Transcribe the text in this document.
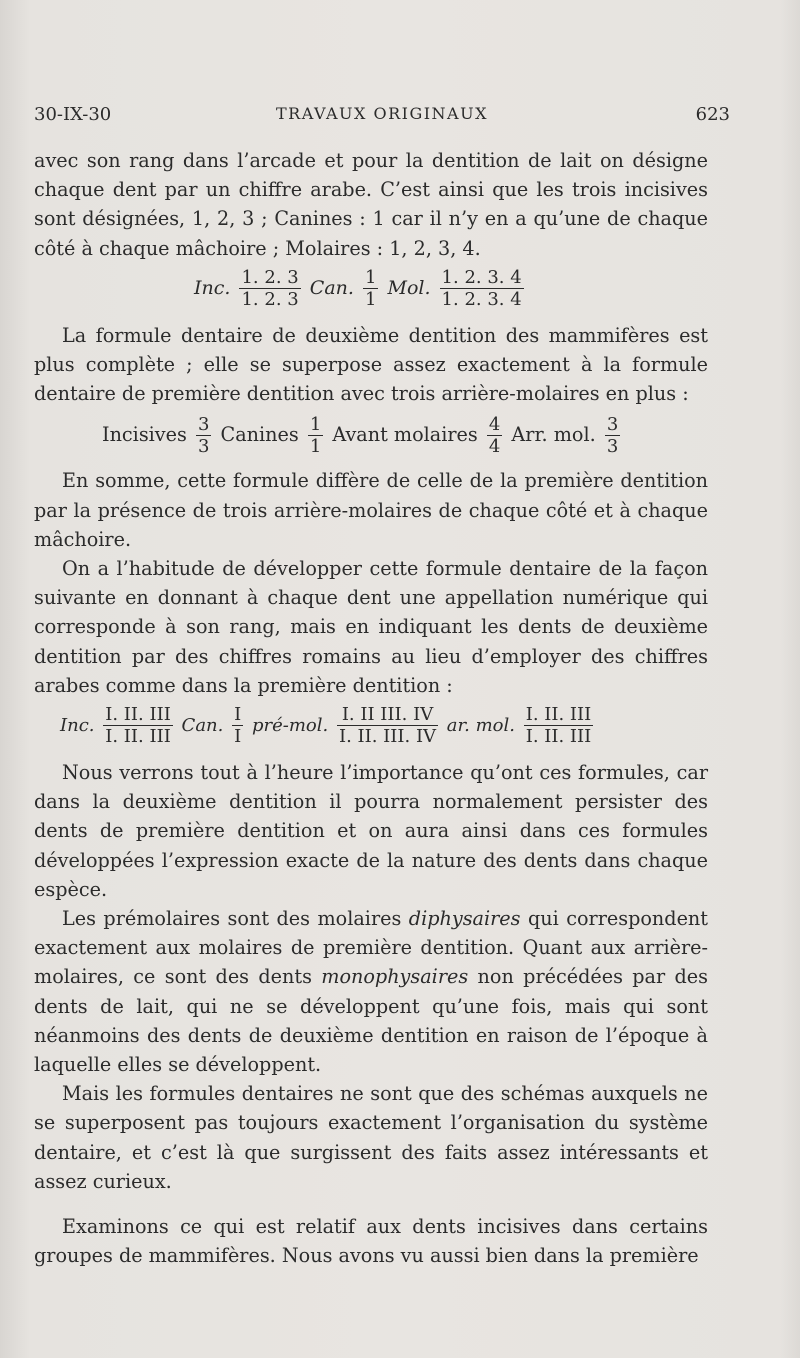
30-IX-30	TRAVAUX ORIGINAUX	623

avec son rang dans l’arcade et pour la dentition de lait on désigne chaque dent par un chiffre arabe. C’est ainsi que les trois incisives sont désignées, 1, 2, 3 ; Canines : 1 car il n’y en a qu’une de chaque côté à chaque mâchoire ; Molaires : 1, 2, 3, 4.

Inc. $\frac{1. 2. 3}{1. 2. 3}$ Can. $\frac{1}{1}$ Mol. $\frac{1. 2. 3. 4}{1. 2. 3. 4}$

La formule dentaire de deuxième dentition des mammifères est plus complète ; elle se superpose assez exactement à la formule dentaire de première dentition avec trois arrière-molaires en plus :

Incisives $\frac{3}{3}$ Canines $\frac{1}{1}$ Avant molaires $\frac{4}{4}$ Arr. mol. $\frac{3}{3}$

En somme, cette formule diffère de celle de la première dentition par la présence de trois arrière-molaires de chaque côté et à chaque mâchoire.

On a l’habitude de développer cette formule dentaire de la façon suivante en donnant à chaque dent une appellation numérique qui corresponde à son rang, mais en indiquant les dents de deuxième dentition par des chiffres romains au lieu d’employer des chiffres arabes comme dans la première dentition :

Inc. $\frac{\text{I. II. III}}{\text{I. II. III}}$ Can. $\frac{I}{I}$ pré-mol. $\frac{\text{I. II III. IV}}{\text{I. II. III. IV}}$ ar. mol. $\frac{\text{I. II. III}}{\text{I. II. III}}$

Nous verrons tout à l’heure l’importance qu’ont ces formules, car dans la deuxième dentition il pourra normalement persister des dents de première dentition et on aura ainsi dans ces formules développées l’expression exacte de la nature des dents dans chaque espèce.

Les prémolaires sont des molaires diphysaires qui correspondent exactement aux molaires de première dentition. Quant aux arrière-molaires, ce sont des dents monophysaires non précédées par des dents de lait, qui ne se développent qu’une fois, mais qui sont néanmoins des dents de deuxième dentition en raison de l’époque à laquelle elles se développent.

Mais les formules dentaires ne sont que des schémas auxquels ne se superposent pas toujours exactement l’organisation du système dentaire, et c’est là que surgissent des faits assez intéressants et assez curieux.

Examinons ce qui est relatif aux dents incisives dans certains groupes de mammifères. Nous avons vu aussi bien dans la première
